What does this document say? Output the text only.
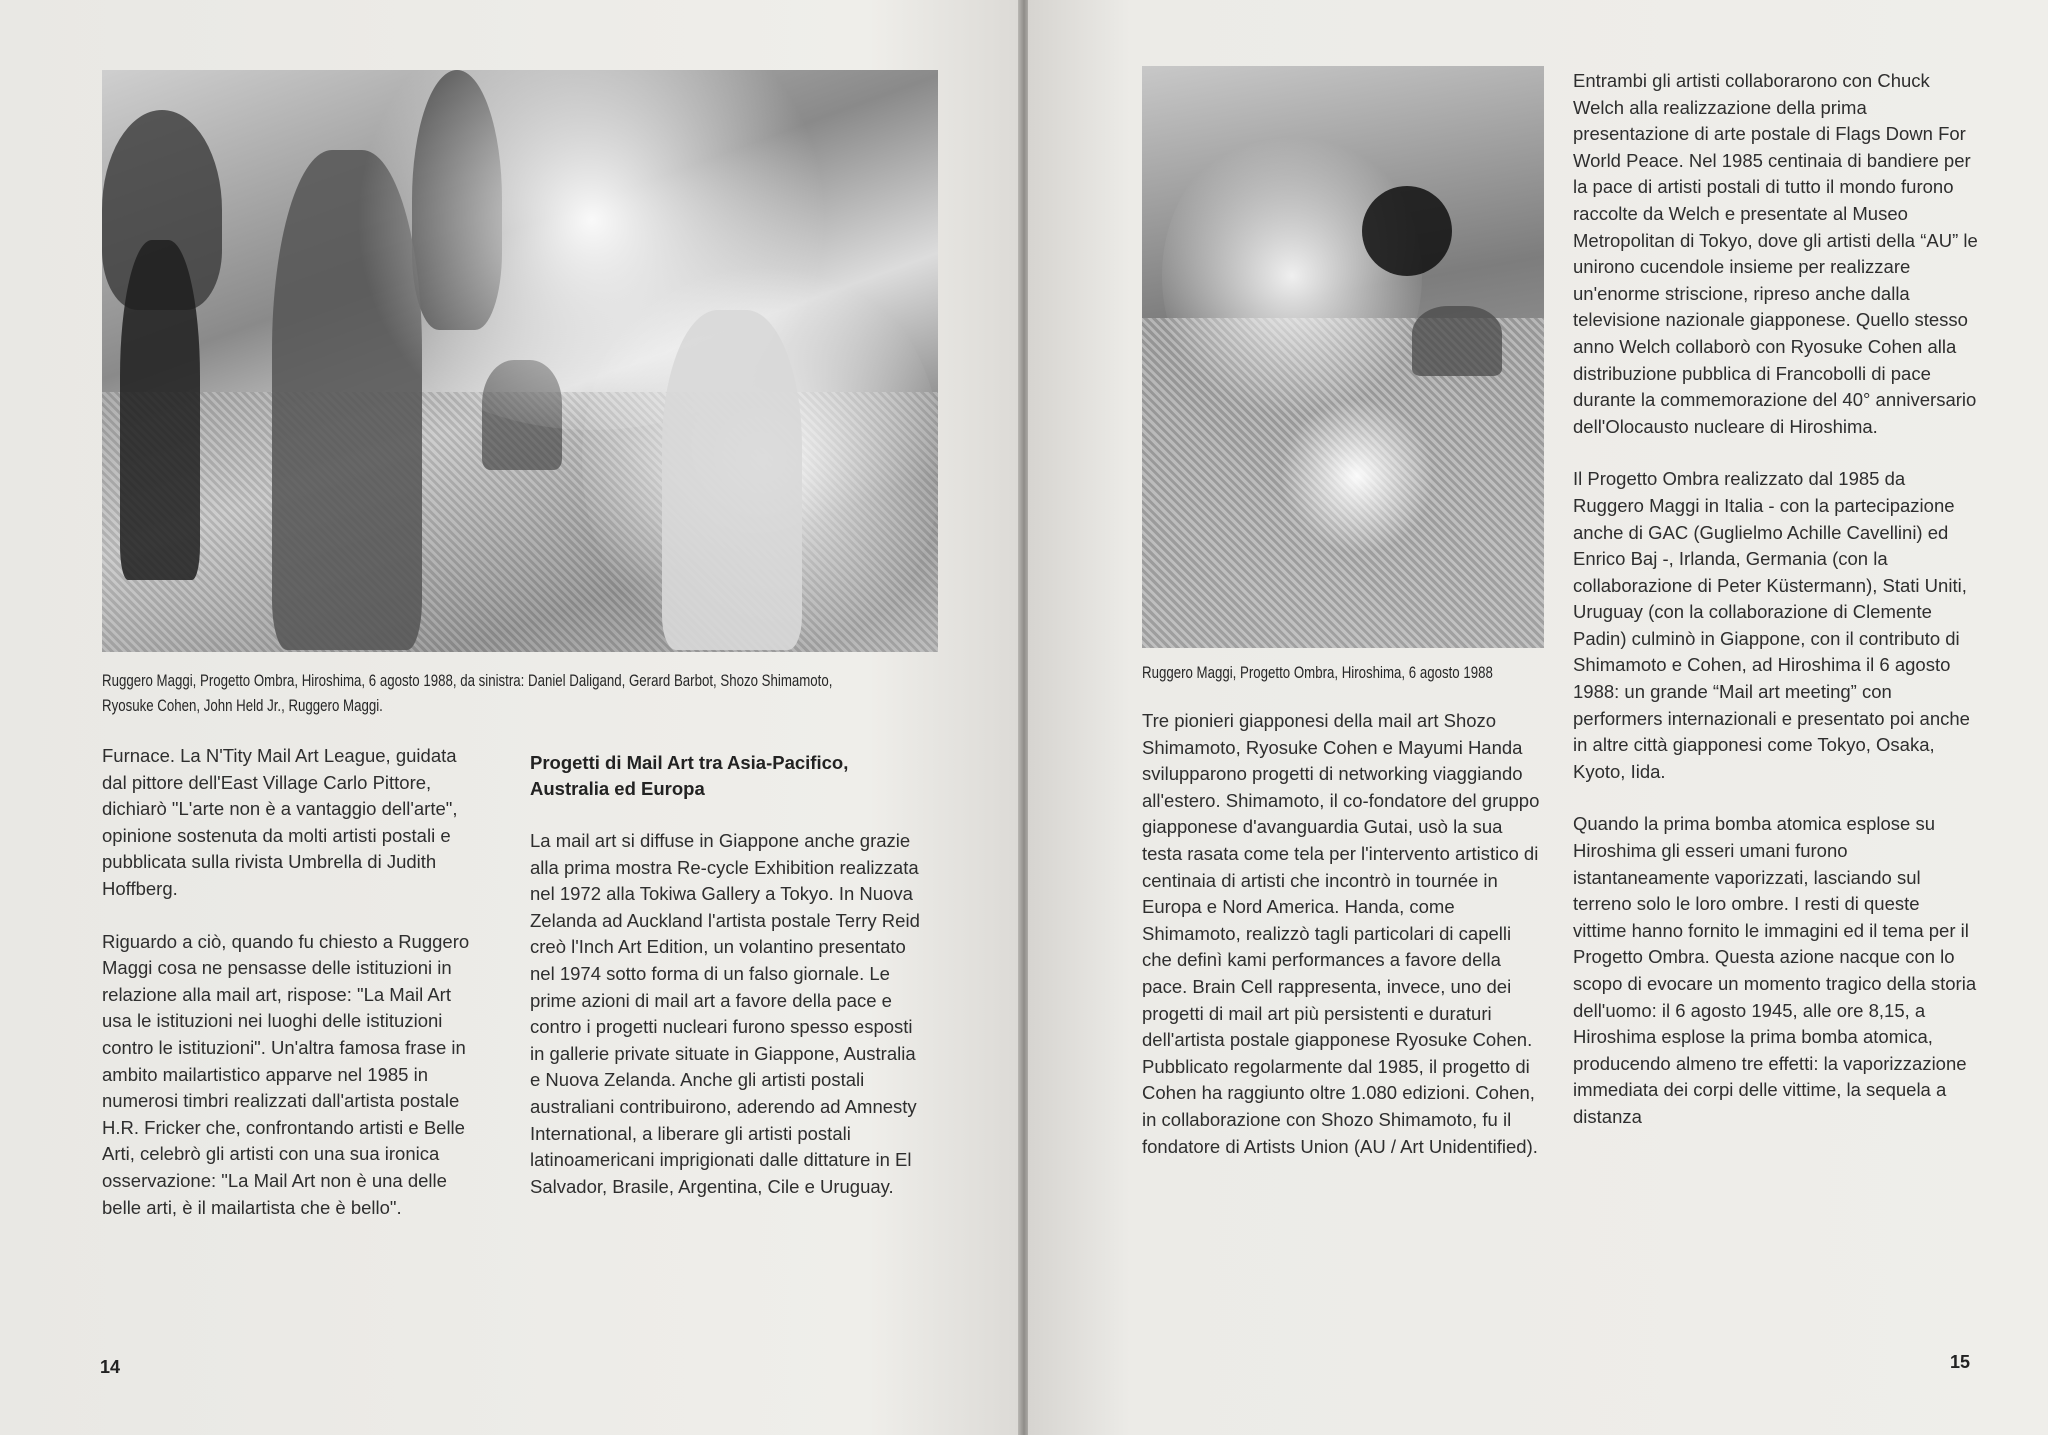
Ruggero Maggi, Progetto Ombra, Hiroshima, 6 agosto 1988, da sinistra: Daniel Daligand, Gerard Barbot, Shozo Shimamoto,
Ryosuke Cohen, John Held Jr., Ruggero Maggi.

Furnace. La N'Tity Mail Art League, guidata dal pittore dell'East Village Carlo Pittore, dichiarò "L'arte non è a vantaggio dell'arte", opinione sostenuta da molti artisti postali e pubblicata sulla rivista Umbrella di Judith Hoffberg.

Riguardo a ciò, quando fu chiesto a Ruggero Maggi cosa ne pensasse delle istituzioni in relazione alla mail art, rispose: "La Mail Art usa le istituzioni nei luoghi delle istituzioni contro le istituzioni". Un'altra famosa frase in ambito mailartistico apparve nel 1985 in numerosi timbri realizzati dall'artista postale H.R. Fricker che, confrontando artisti e Belle Arti, celebrò gli artisti con una sua ironica osservazione: "La Mail Art non è una delle belle arti, è il mailartista che è bello".

Progetti di Mail Art tra Asia-Pacifico, Australia ed Europa

La mail art si diffuse in Giappone anche grazie alla prima mostra Re-cycle Exhibition realizzata nel 1972 alla Tokiwa Gallery a Tokyo. In Nuova Zelanda ad Auckland l'artista postale Terry Reid creò l'Inch Art Edition, un volantino presentato nel 1974 sotto forma di un falso giornale. Le prime azioni di mail art a favore della pace e contro i progetti nucleari furono spesso esposti in gallerie private situate in Giappone, Australia e Nuova Zelanda. Anche gli artisti postali australiani contribuirono, aderendo ad Amnesty International, a liberare gli artisti postali latinoamericani imprigionati dalle dittature in El Salvador, Brasile, Argentina, Cile e Uruguay.

14
Ruggero Maggi, Progetto Ombra, Hiroshima, 6 agosto 1988

Tre pionieri giapponesi della mail art Shozo Shimamoto, Ryosuke Cohen e Mayumi Handa svilupparono progetti di networking viaggiando all'estero. Shimamoto, il co-fondatore del gruppo giapponese d'avanguardia Gutai, usò la sua testa rasata come tela per l'intervento artistico di centinaia di artisti che incontrò in tournée in Europa e Nord America. Handa, come Shimamoto, realizzò tagli particolari di capelli che definì kami performances a favore della pace. Brain Cell rappresenta, invece, uno dei progetti di mail art più persistenti e duraturi dell'artista postale giapponese Ryosuke Cohen. Pubblicato regolarmente dal 1985, il progetto di Cohen ha raggiunto oltre 1.080 edizioni. Cohen, in collaborazione con Shozo Shimamoto, fu il fondatore di Artists Union (AU / Art Unidentified).

Entrambi gli artisti collaborarono con Chuck Welch alla realizzazione della prima presentazione di arte postale di Flags Down For World Peace. Nel 1985 centinaia di bandiere per la pace di artisti postali di tutto il mondo furono raccolte da Welch e presentate al Museo Metropolitan di Tokyo, dove gli artisti della “AU” le unirono cucendole insieme per realizzare un'enorme striscione, ripreso anche dalla televisione nazionale giapponese. Quello stesso anno Welch collaborò con Ryosuke Cohen alla distribuzione pubblica di Francobolli di pace durante la commemorazione del 40° anniversario dell'Olocausto nucleare di Hiroshima.

Il Progetto Ombra realizzato dal 1985 da Ruggero Maggi in Italia - con la partecipazione anche di GAC (Guglielmo Achille Cavellini) ed Enrico Baj -, Irlanda, Germania (con la collaborazione di Peter Küstermann), Stati Uniti, Uruguay (con la collaborazione di Clemente Padin) culminò in Giappone, con il contributo di Shimamoto e Cohen, ad Hiroshima il 6 agosto 1988: un grande “Mail art meeting” con performers internazionali e presentato poi anche in altre città giapponesi come Tokyo, Osaka, Kyoto, Iida.

Quando la prima bomba atomica esplose su Hiroshima gli esseri umani furono istantaneamente vaporizzati, lasciando sul terreno solo le loro ombre. I resti di queste vittime hanno fornito le immagini ed il tema per il Progetto Ombra. Questa azione nacque con lo scopo di evocare un momento tragico della storia dell'uomo: il 6 agosto 1945, alle ore 8,15, a Hiroshima esplose la prima bomba atomica, producendo almeno tre effetti: la vaporizzazione immediata dei corpi delle vittime, la sequela a distanza

15
